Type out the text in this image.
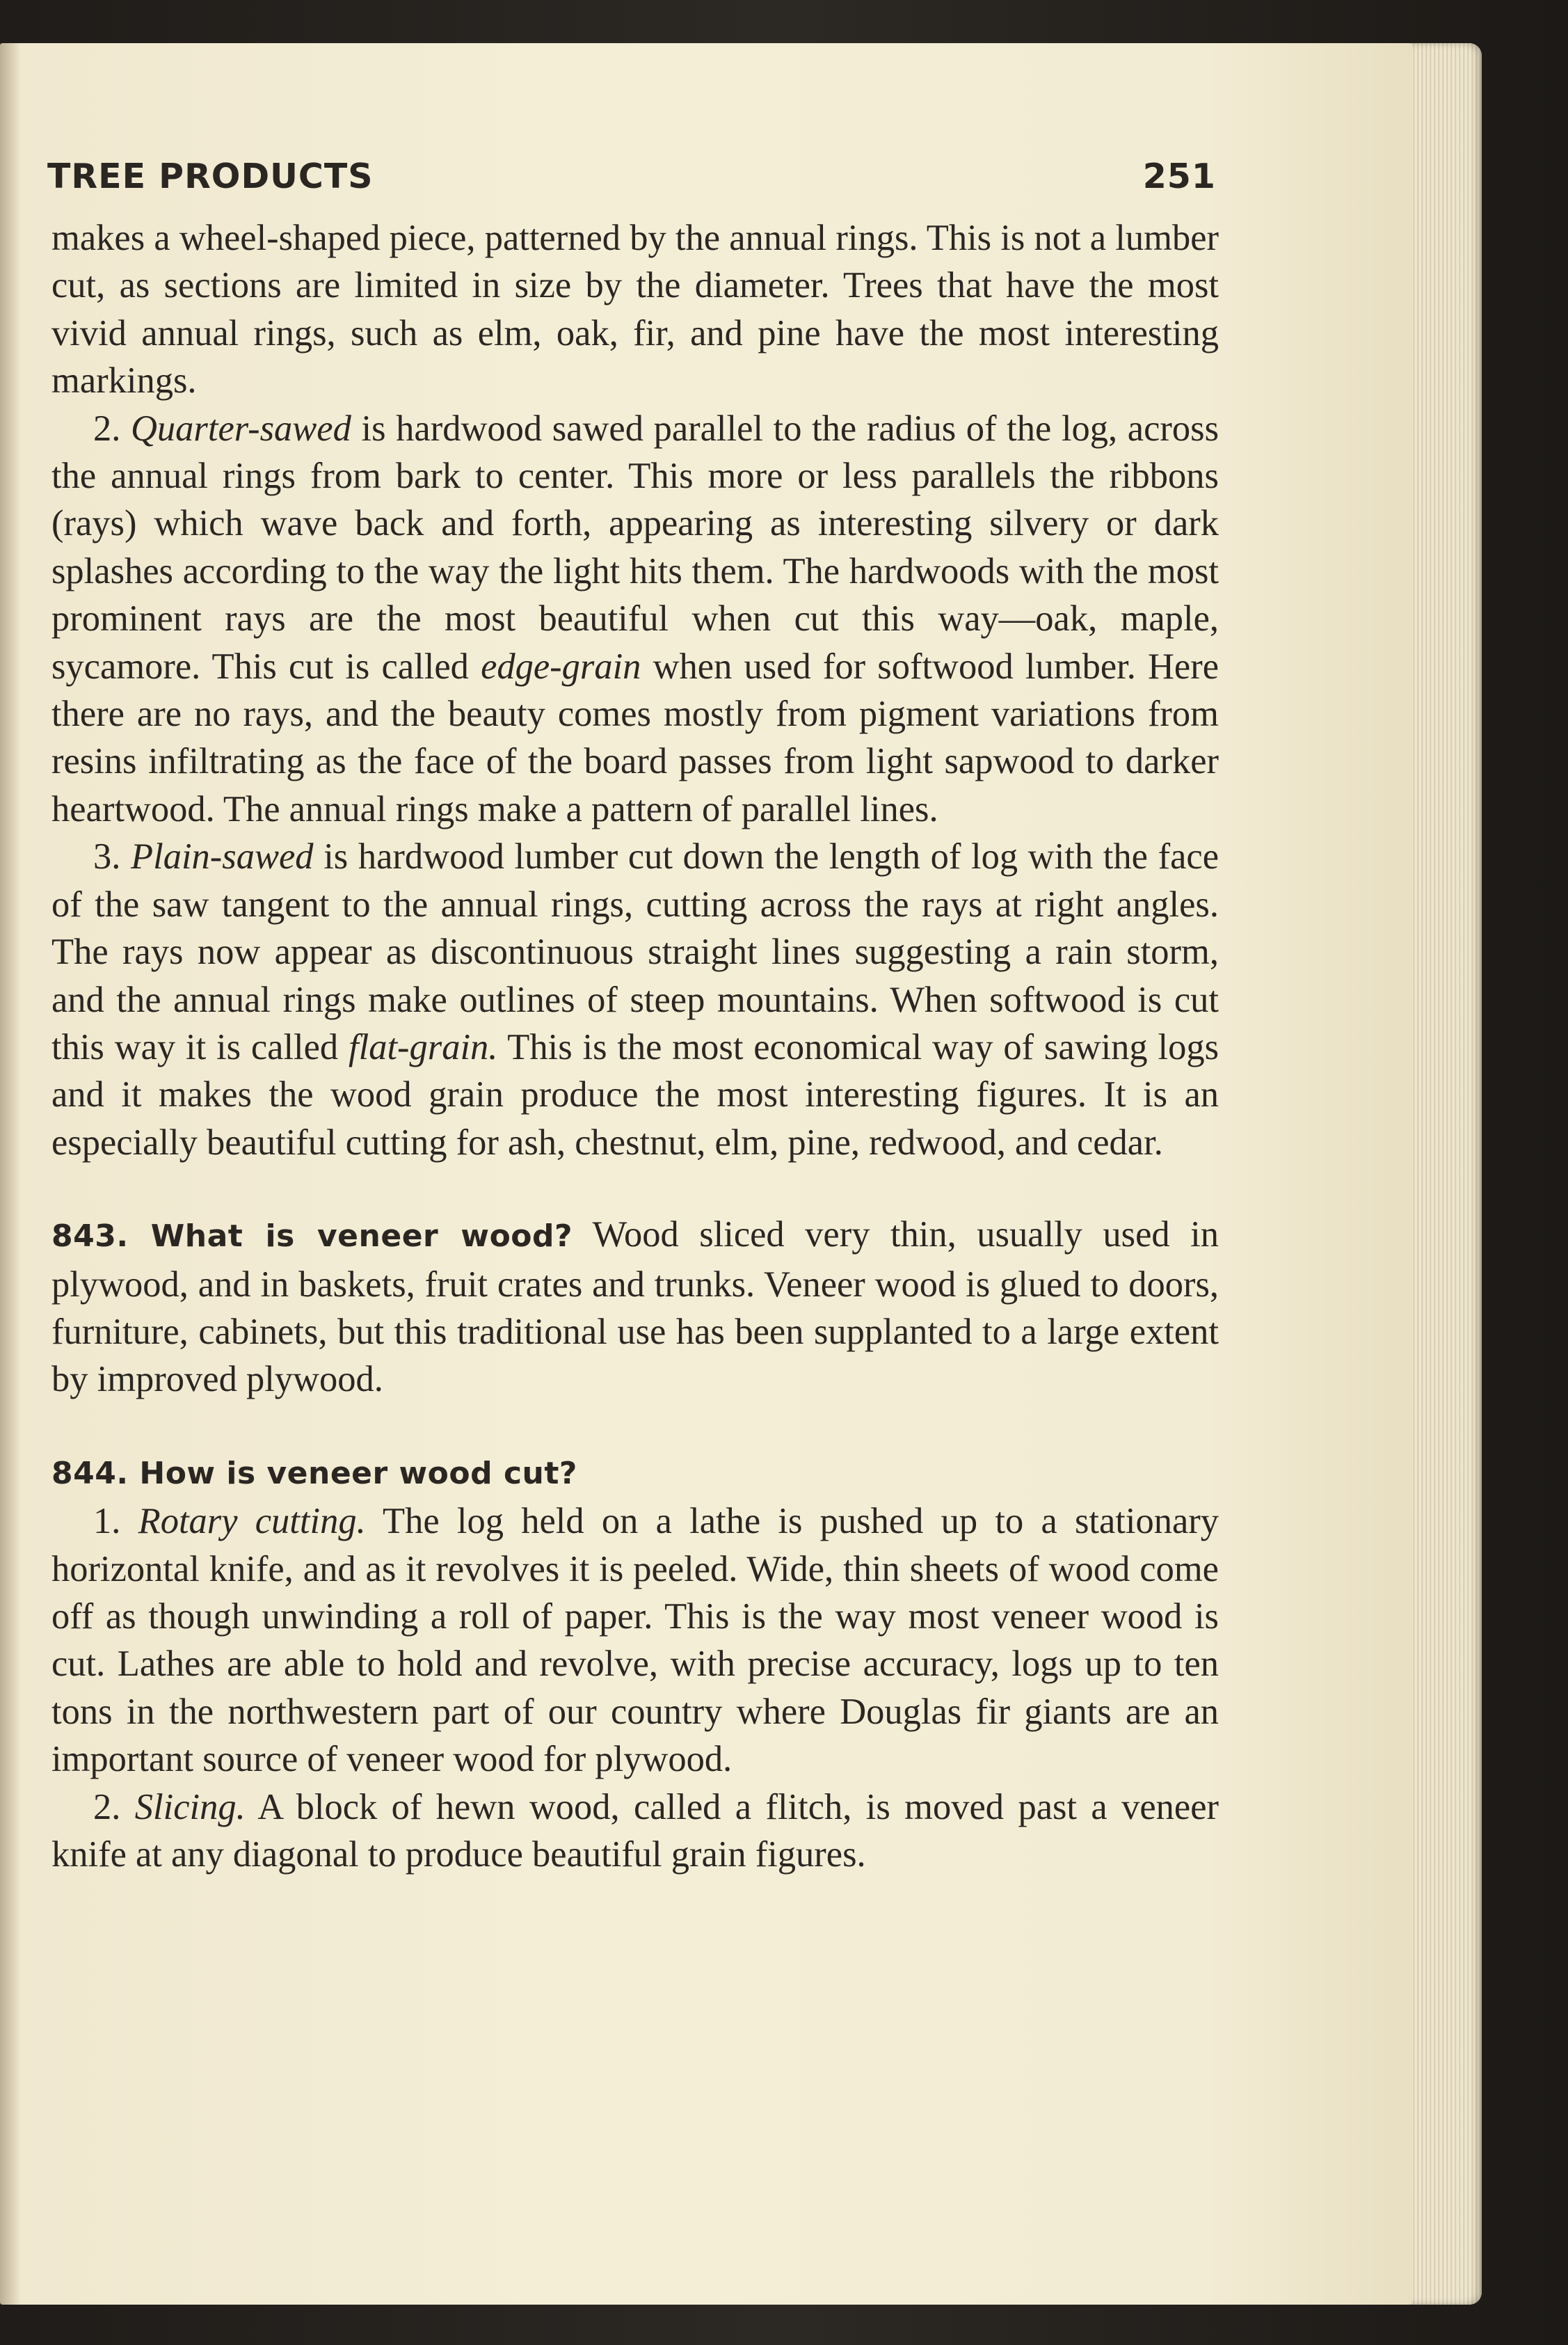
TREE PRODUCTS	251

makes a wheel-shaped piece, patterned by the annual rings. This is not a lumber cut, as sections are limited in size by the diameter. Trees that have the most vivid annual rings, such as elm, oak, fir, and pine have the most interesting markings.

2. Quarter-sawed is hardwood sawed parallel to the radius of the log, across the annual rings from bark to center. This more or less parallels the ribbons (rays) which wave back and forth, appearing as interesting silvery or dark splashes according to the way the light hits them. The hardwoods with the most prominent rays are the most beautiful when cut this way—oak, maple, sycamore. This cut is called edge-grain when used for softwood lumber. Here there are no rays, and the beauty comes mostly from pigment variations from resins infiltrating as the face of the board passes from light sapwood to darker heartwood. The annual rings make a pattern of parallel lines.

3. Plain-sawed is hardwood lumber cut down the length of log with the face of the saw tangent to the annual rings, cutting across the rays at right angles. The rays now appear as discontinuous straight lines suggesting a rain storm, and the annual rings make outlines of steep mountains. When softwood is cut this way it is called flat-grain. This is the most economical way of sawing logs and it makes the wood grain produce the most interesting figures. It is an especially beautiful cutting for ash, chestnut, elm, pine, redwood, and cedar.

843. What is veneer wood? Wood sliced very thin, usually used in plywood, and in baskets, fruit crates and trunks. Veneer wood is glued to doors, furniture, cabinets, but this traditional use has been supplanted to a large extent by improved plywood.

844. How is veneer wood cut?

1. Rotary cutting. The log held on a lathe is pushed up to a stationary horizontal knife, and as it revolves it is peeled. Wide, thin sheets of wood come off as though unwinding a roll of paper. This is the way most veneer wood is cut. Lathes are able to hold and revolve, with precise accuracy, logs up to ten tons in the northwestern part of our country where Douglas fir giants are an important source of veneer wood for plywood.

2. Slicing. A block of hewn wood, called a flitch, is moved past a veneer knife at any diagonal to produce beautiful grain figures.
